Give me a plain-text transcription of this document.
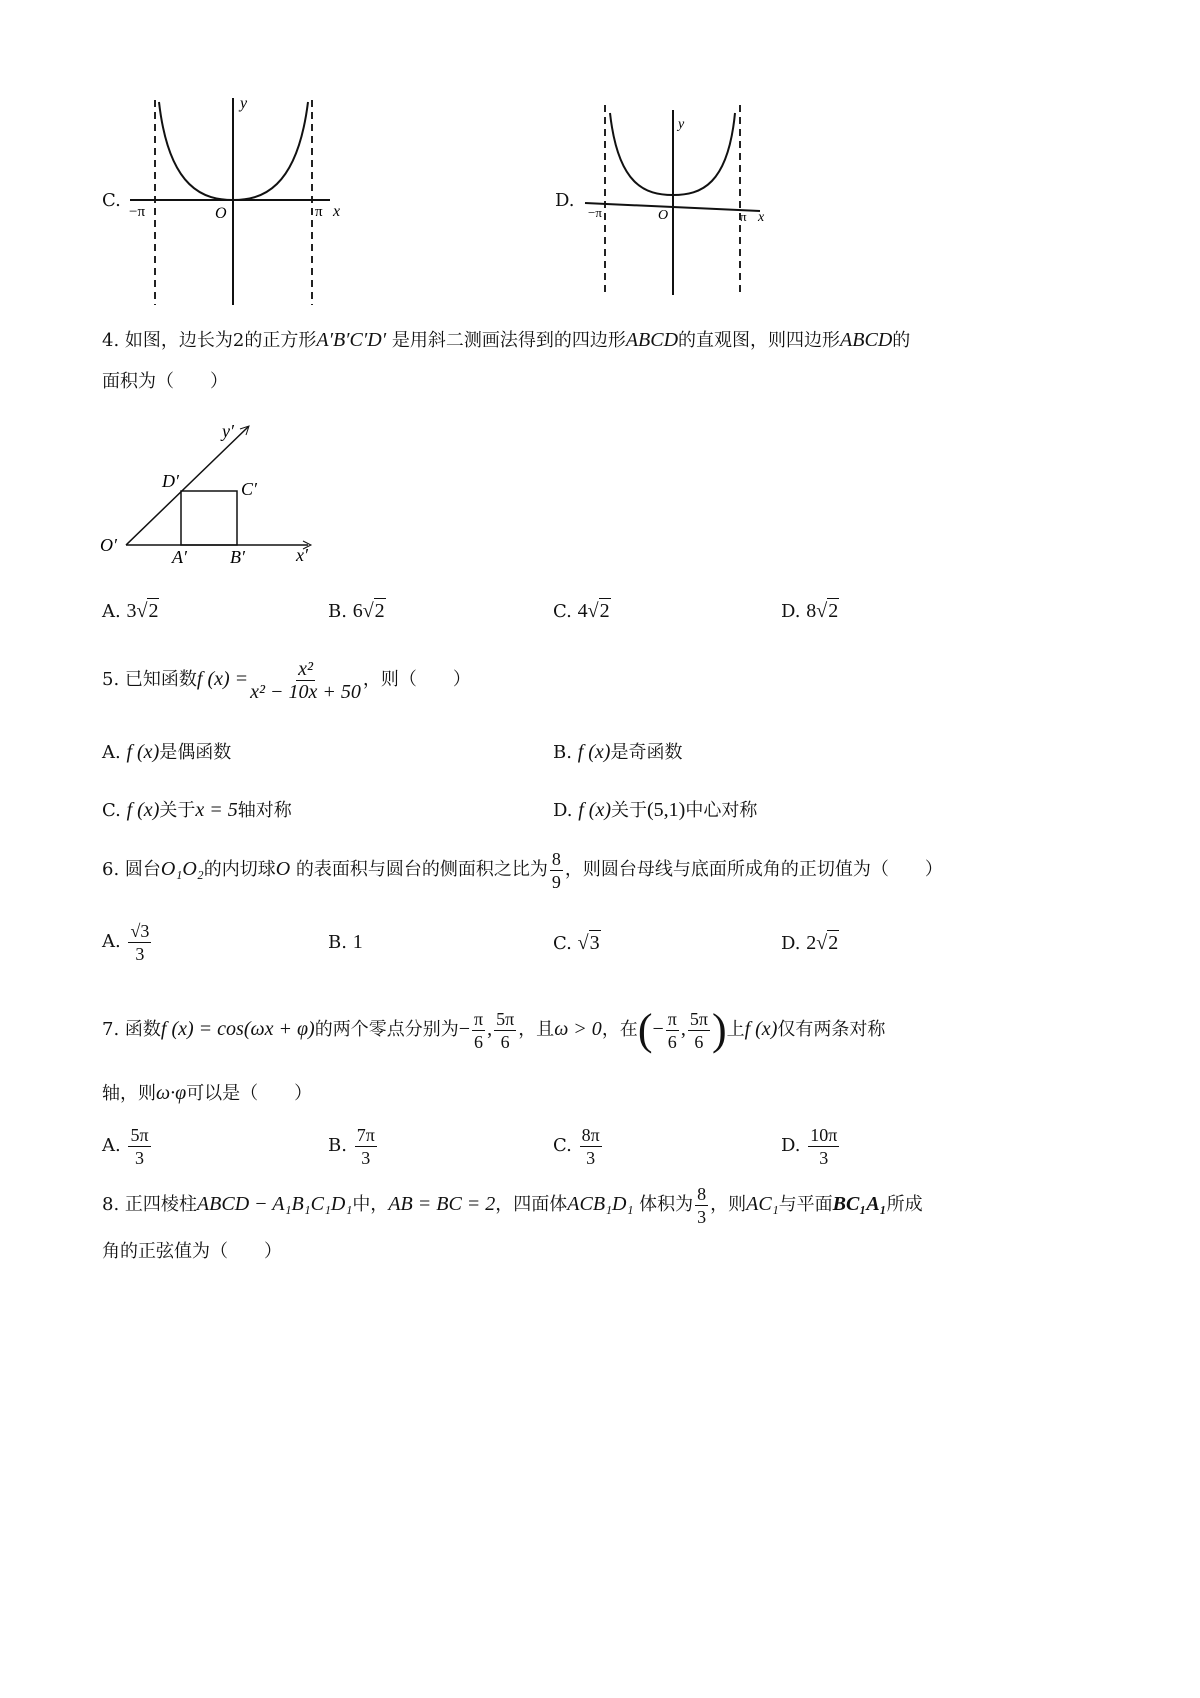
C.
y
O
−π	π x
D.
y
O
−π	π x
4. 如图，边长为2的正方形A′B′C′D′ 是用斜二测画法得到的四边形ABCD的直观图，则四边形ABCD的
面积为（　　）
O′
A′ B′
C′
D′
x′
y′
A. 3√2	B. 6√2	C. 4√2	D. 8√2
5. 已知函数f $(x) = \frac{\text{x²}}{\text{x² − 10x + 50}}$ ，则（　　）
A. f (x)是偶函数	B. f (x)是奇函数
C. f (x)关于x = 5轴对称	D. f (x)关于(5,1)中心对称
6. 圆台O₁O₂的内切球O 的表面积与圆台的侧面积之比为 $\frac{8}{9}$ ，则圆台母线与底面所成角的正切值为（　　）
A. $\frac{√3}{3}$	B. 1	C. √3	D. 2√2
7. 函数f (x) = cos(ωx + φ)的两个零点分别为− $\frac{\pi}{6}$ , $\frac{5\pi}{6}$ ，且ω > 0，在(− $\frac{\pi}{6}$ , $\frac{5\pi}{6}$ )上f (x)仅有两条对称
轴，则ω·φ可以是（　　）
A. $\frac{5\pi}{3}$	B. $\frac{7\pi}{3}$	C. $\frac{8\pi}{3}$	D. $\frac{10\pi}{3}$
8. 正四棱柱ABCD − A₁B₁C₁D₁中，AB = BC = 2，四面体ACB₁D₁ 体积为 $\frac{8}{3}$ ，则AC₁与平面BC₁A₁所成
角的正弦值为（　　）
